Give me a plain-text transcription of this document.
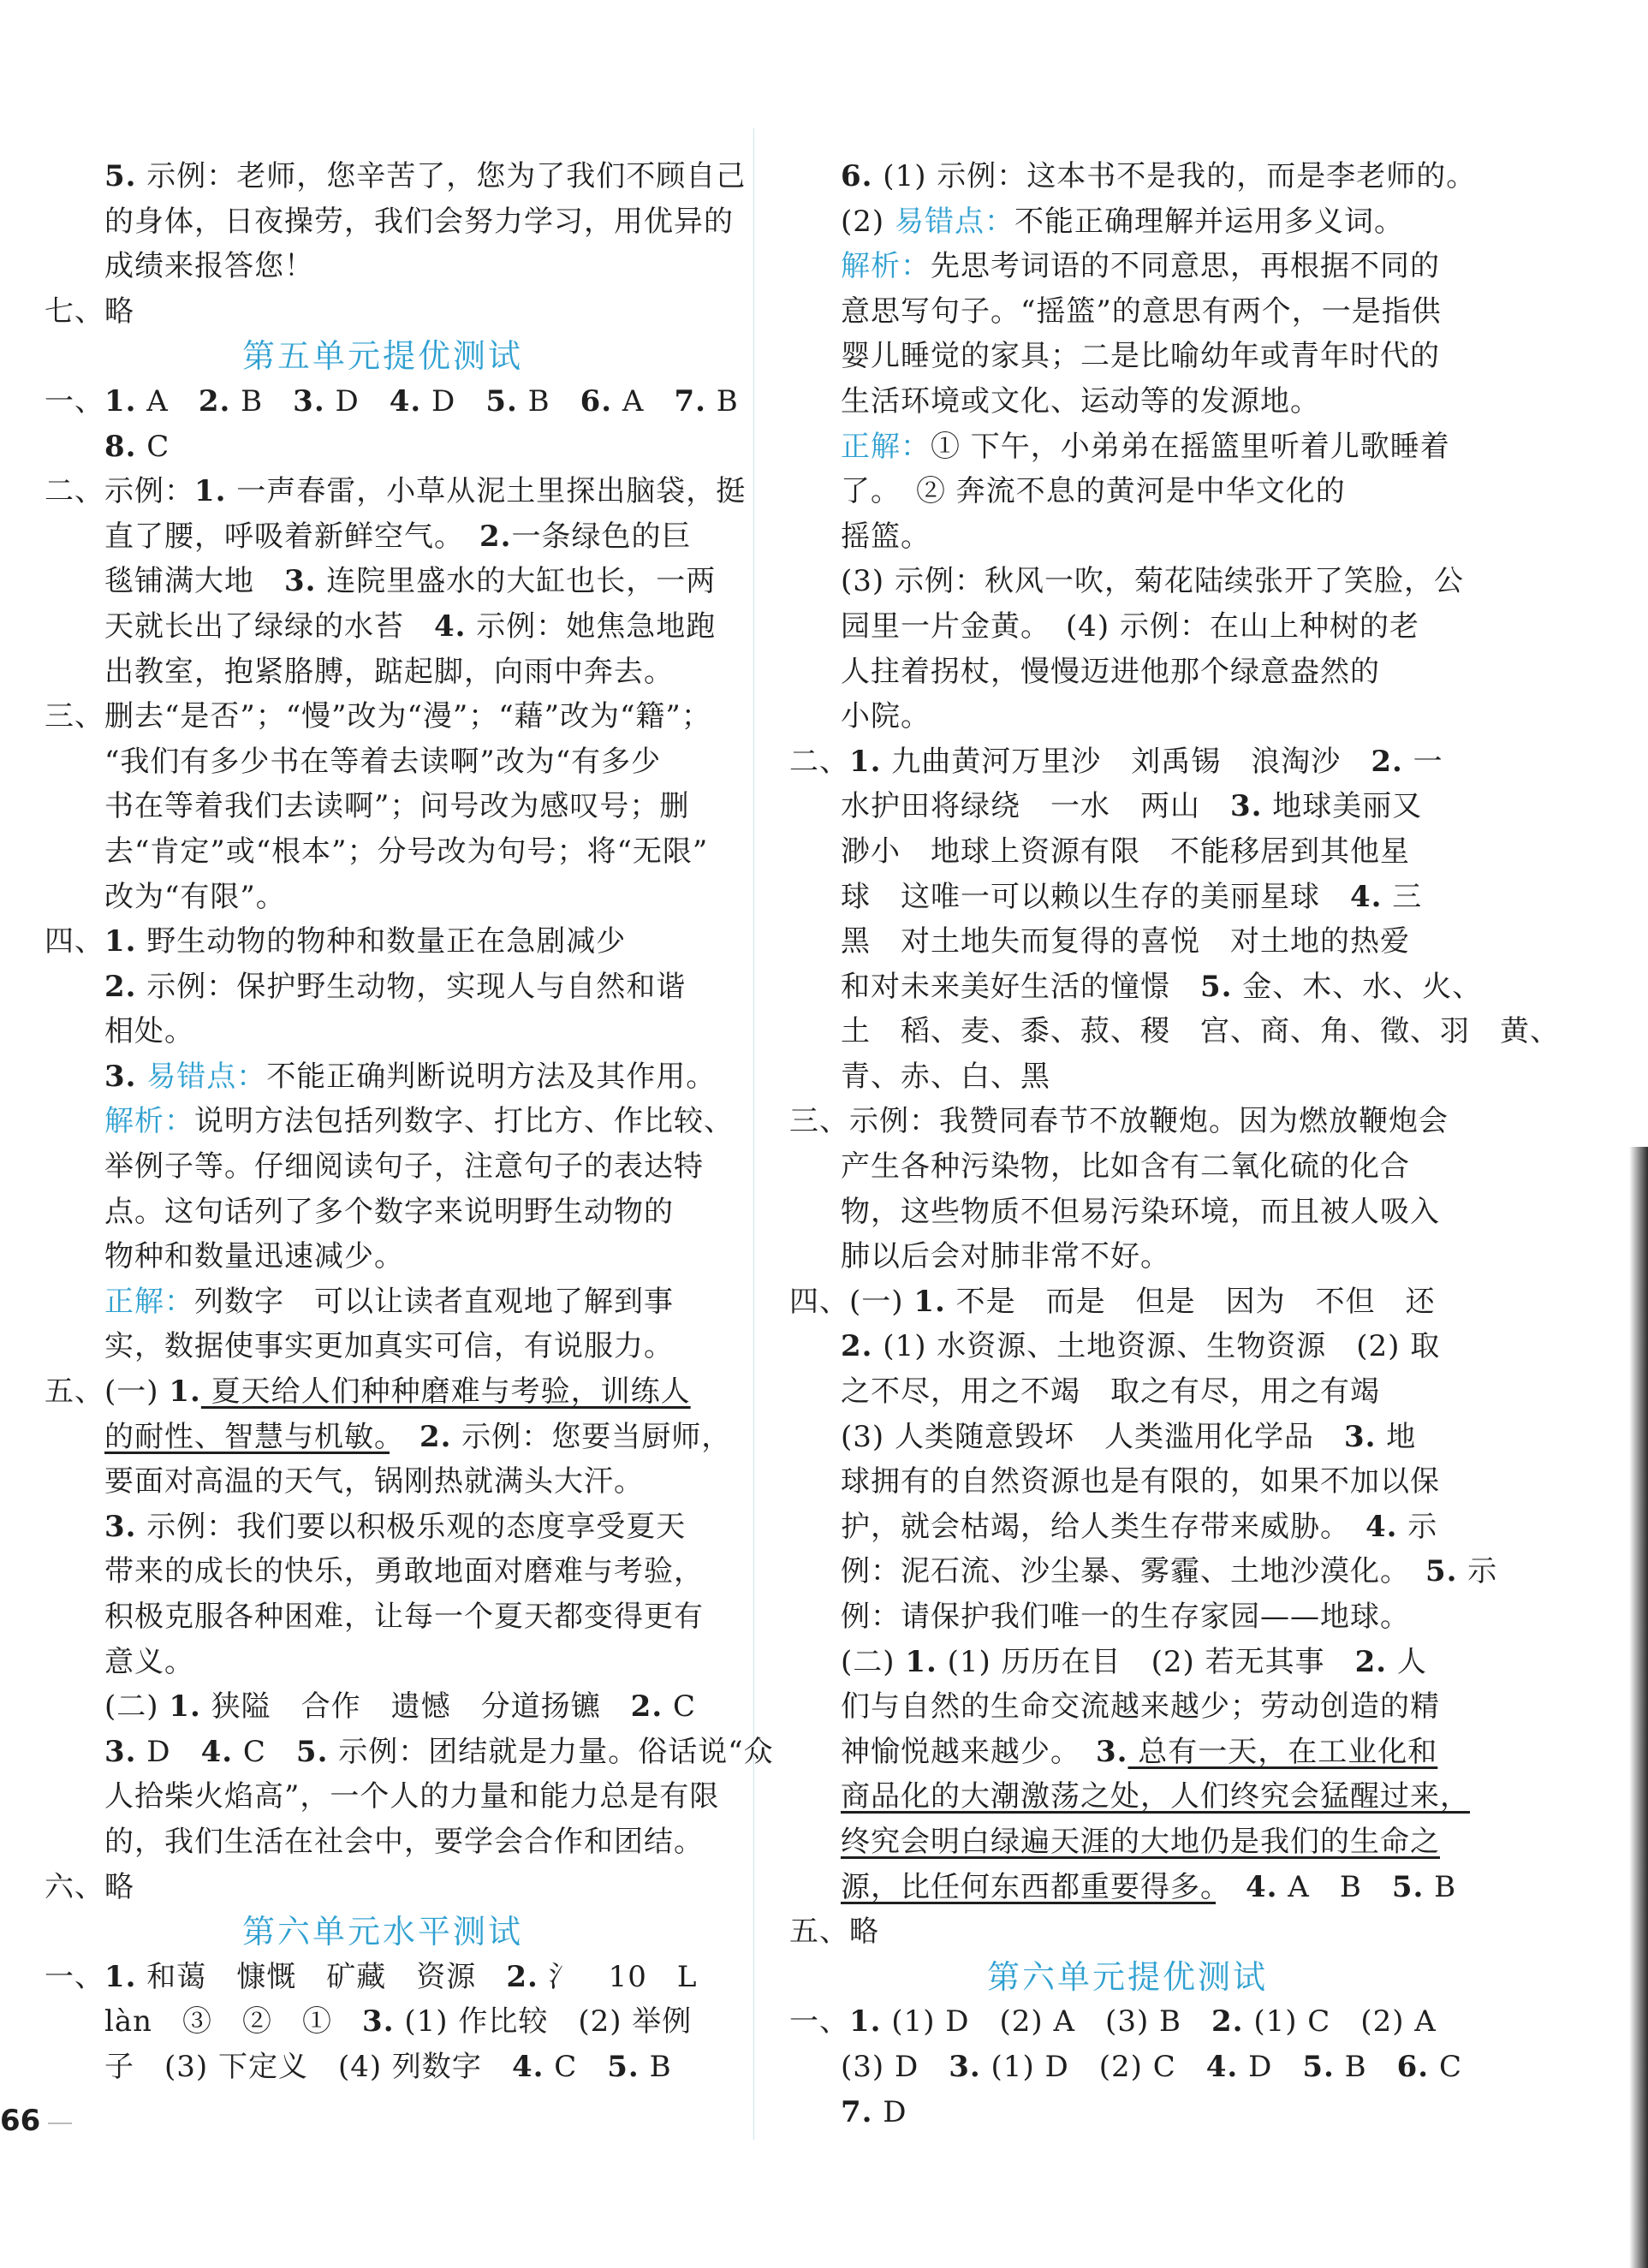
5. 示例：老师，您辛苦了，您为了我们不顾自己
的身体，日夜操劳，我们会努力学习，用优异的
成绩来报答您！
七、略
第五单元提优测试
一、1. A　2. B　3. D　4. D　5. B　6. A　7. B
8. C
二、示例：1. 一声春雷，小草从泥土里探出脑袋，挺
直了腰，呼吸着新鲜空气。　2.一条绿色的巨
毯铺满大地　3. 连院里盛水的大缸也长，一两
天就长出了绿绿的水苔　4. 示例：她焦急地跑
出教室，抱紧胳膊，踮起脚，向雨中奔去。
三、删去“是否”；“慢”改为“漫”；“藉”改为“籍”；
“我们有多少书在等着去读啊”改为“有多少
书在等着我们去读啊”；问号改为感叹号；删
去“肯定”或“根本”；分号改为句号；将“无限”
改为“有限”。
四、1. 野生动物的物种和数量正在急剧减少
2. 示例：保护野生动物，实现人与自然和谐
相处。
3. 易错点：不能正确判断说明方法及其作用。
解析：说明方法包括列数字、打比方、作比较、
举例子等。仔细阅读句子，注意句子的表达特
点。这句话列了多个数字来说明野生动物的
物种和数量迅速减少。
正解：列数字　可以让读者直观地了解到事
实，数据使事实更加真实可信，有说服力。
五、(一) 1. 夏天给人们种种磨难与考验，训练人
的耐性、智慧与机敏。　 2. 示例：您要当厨师，
要面对高温的天气，锅刚热就满头大汗。
3. 示例：我们要以积极乐观的态度享受夏天
带来的成长的快乐，勇敢地面对磨难与考验，
积极克服各种困难，让每一个夏天都变得更有
意义。
(二) 1. 狭隘　合作　遗憾　分道扬镳　2. C
3. D　4. C　5. 示例：团结就是力量。俗话说“众
人拾柴火焰高”，一个人的力量和能力总是有限
的，我们生活在社会中，要学会合作和团结。
六、略
第六单元水平测试
一、1. 和蔼　慷慨　矿藏　资源　2. 氵　10　L
làn　③　②　①　3. (1) 作比较　(2) 举例
子　(3) 下定义　(4) 列数字　4. C　5. B
6. (1) 示例：这本书不是我的，而是李老师的。
(2) 易错点：不能正确理解并运用多义词。
解析：先思考词语的不同意思，再根据不同的
意思写句子。“摇篮”的意思有两个，一是指供
婴儿睡觉的家具；二是比喻幼年或青年时代的
生活环境或文化、运动等的发源地。
正解：① 下午，小弟弟在摇篮里听着儿歌睡着
了。　② 奔流不息的黄河是中华文化的
摇篮。
(3) 示例：秋风一吹，菊花陆续张开了笑脸，公
园里一片金黄。　(4) 示例：在山上种树的老
人拄着拐杖，慢慢迈进他那个绿意盎然的
小院。
二、1. 九曲黄河万里沙　刘禹锡　浪淘沙　2. 一
水护田将绿绕　一水　两山　3. 地球美丽又
渺小　地球上资源有限　不能移居到其他星
球　这唯一可以赖以生存的美丽星球　4. 三
黑　对土地失而复得的喜悦　对土地的热爱
和对未来美好生活的憧憬　5. 金、木、水、火、
土　稻、麦、黍、菽、稷　宫、商、角、徵、羽　黄、
青、赤、白、黑
三、示例：我赞同春节不放鞭炮。因为燃放鞭炮会
产生各种污染物，比如含有二氧化硫的化合
物，这些物质不但易污染环境，而且被人吸入
肺以后会对肺非常不好。
四、(一) 1. 不是　而是　但是　因为　不但　还
2. (1) 水资源、土地资源、生物资源　(2) 取
之不尽，用之不竭　取之有尽，用之有竭
(3) 人类随意毁坏　人类滥用化学品　3. 地
球拥有的自然资源也是有限的，如果不加以保
护，就会枯竭，给人类生存带来威胁。　4. 示
例：泥石流、沙尘暴、雾霾、土地沙漠化。　5. 示
例：请保护我们唯一的生存家园——地球。
(二) 1. (1) 历历在目　(2) 若无其事　2. 人
们与自然的生命交流越来越少；劳动创造的精
神愉悦越来越少。　3. 总有一天，在工业化和
商品化的大潮激荡之处，人们终究会猛醒过来，
终究会明白绿遍天涯的大地仍是我们的生命之
源，比任何东西都重要得多。　 4. A　B　5. B
五、略
第六单元提优测试
一、1. (1) D　(2) A　(3) B　2. (1) C　(2) A
(3) D　3. (1) D　(2) C　4. D　5. B　6. C
7. D
66
